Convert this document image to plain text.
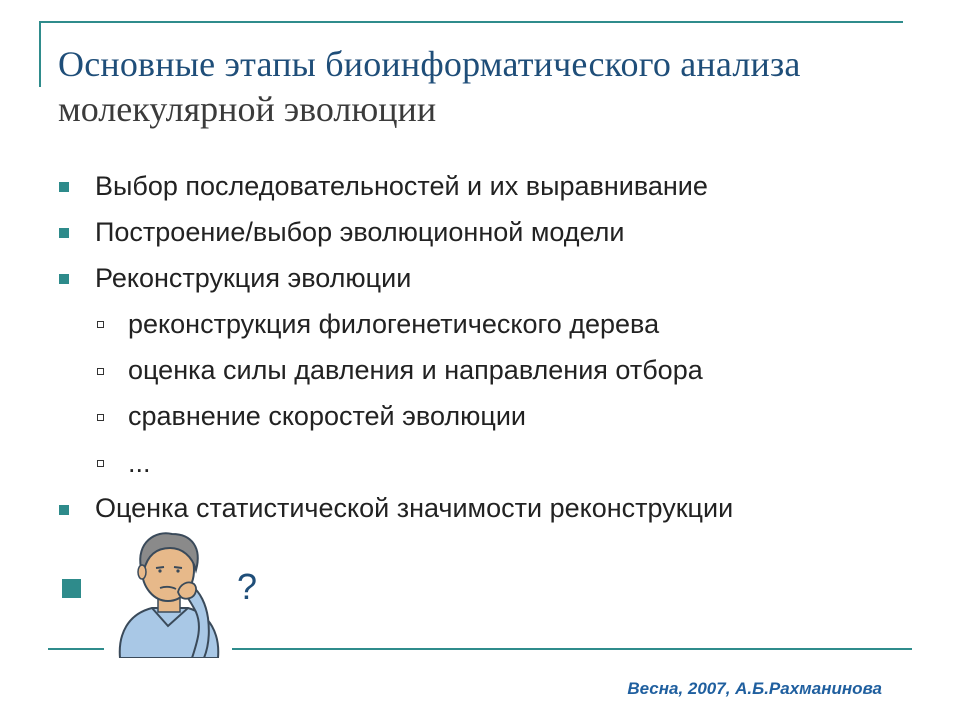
Основные этапы биоинформатического анализа
молекулярной эволюции
Выбор последовательностей и их выравнивание
Построение/выбор эволюционной модели
Реконструкция эволюции
реконструкция филогенетического дерева
оценка силы давления и направления отбора
сравнение скоростей эволюции
...
Оценка статистической значимости реконструкции
?
Весна, 2007, А.Б.Рахманинова
